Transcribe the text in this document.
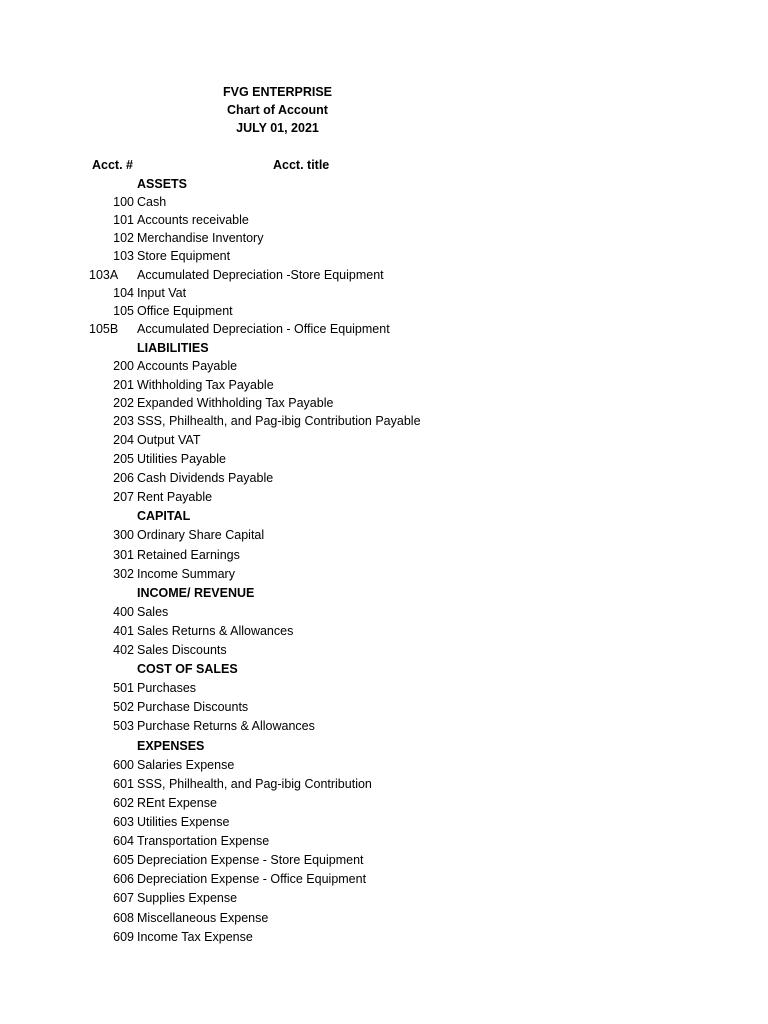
FVG ENTERPRISE
Chart of Account
JULY 01, 2021
Acct. #	Acct. title
ASSETS
100 Cash
101 Accounts receivable
102 Merchandise Inventory
103 Store Equipment
103A	Accumulated Depreciation -Store Equipment
104 Input Vat
105 Office Equipment
105B	Accumulated Depreciation - Office Equipment
LIABILITIES
200 Accounts Payable
201 Withholding Tax Payable
202 Expanded Withholding Tax Payable
203 SSS, Philhealth, and Pag-ibig Contribution Payable
204 Output VAT
205 Utilities Payable
206 Cash Dividends Payable
207 Rent Payable
CAPITAL
300 Ordinary Share Capital
301 Retained Earnings
302 Income Summary
INCOME/ REVENUE
400 Sales
401 Sales Returns & Allowances
402 Sales Discounts
COST OF SALES
501 Purchases
502 Purchase Discounts
503 Purchase Returns & Allowances
EXPENSES
600 Salaries Expense
601 SSS, Philhealth, and Pag-ibig Contribution
602 REnt Expense
603 Utilities Expense
604 Transportation Expense
605 Depreciation Expense - Store Equipment
606 Depreciation Expense - Office Equipment
607 Supplies Expense
608 Miscellaneous Expense
609 Income Tax Expense
